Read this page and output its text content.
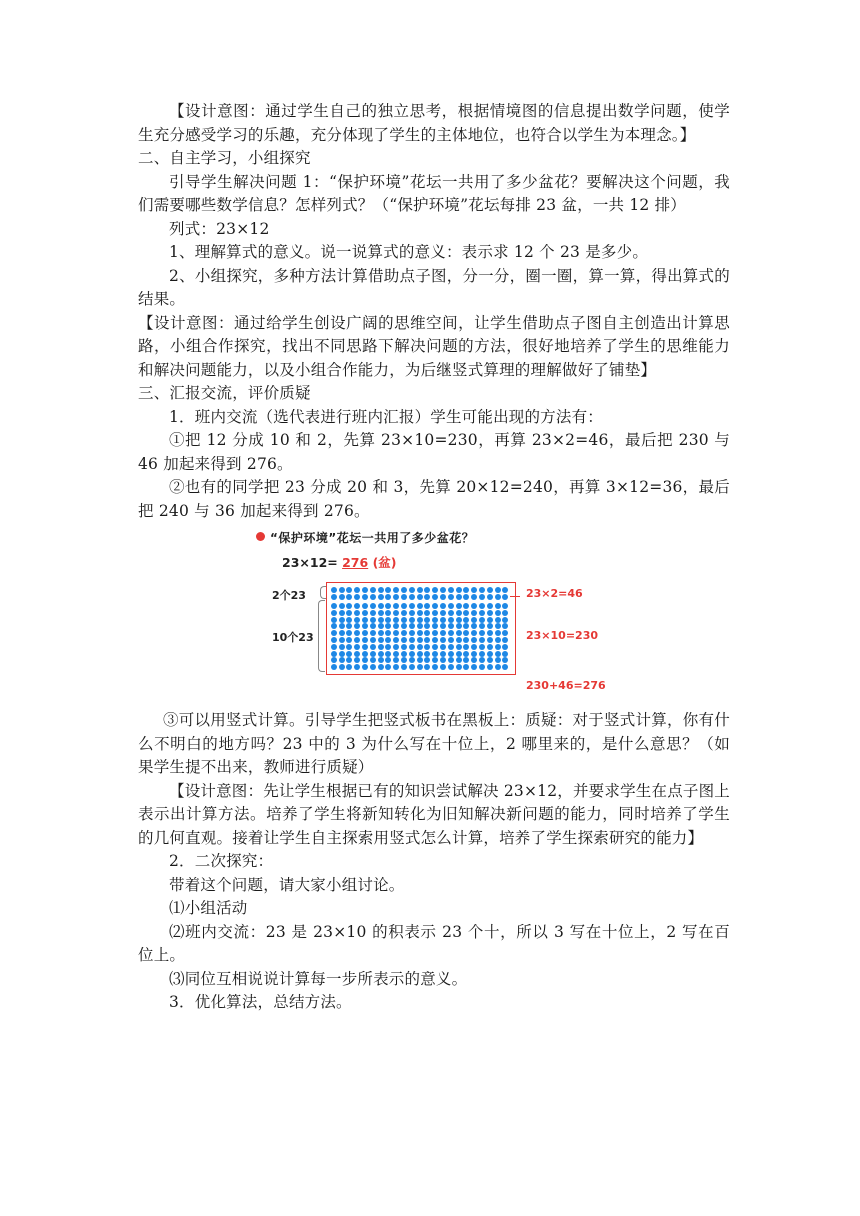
【设计意图：通过学生自己的独立思考，根据情境图的信息提出数学问题，使学生充分感受学习的乐趣，充分体现了学生的主体地位，也符合以学生为本理念。】

二、自主学习，小组探究

引导学生解决问题 1：“保护环境”花坛一共用了多少盆花？要解决这个问题，我们需要哪些数学信息？怎样列式？（“保护环境”花坛每排 23 盆，一共 12 排）

列式：23×12

1、理解算式的意义。说一说算式的意义：表示求 12 个 23 是多少。

2、小组探究，多种方法计算借助点子图，分一分，圈一圈，算一算，得出算式的结果。

【设计意图：通过给学生创设广阔的思维空间，让学生借助点子图自主创造出计算思路，小组合作探究，找出不同思路下解决问题的方法，很好地培养了学生的思维能力和解决问题能力，以及小组合作能力，为后继竖式算理的理解做好了铺垫】

三、汇报交流，评价质疑

1．班内交流（选代表进行班内汇报）学生可能出现的方法有：

①把 12 分成 10 和 2，先算 23×10=230，再算 23×2=46，最后把 230 与 46 加起来得到 276。

②也有的同学把 23 分成 20 和 3，先算 20×12=240，再算 3×12=36，最后把 240 与 36 加起来得到 276。

“保护环境”花坛一共用了多少盆花？
23×12= 276 (盆)
2个23
10个23
23×2=46
23×10=230
230+46=276

③可以用竖式计算。引导学生把竖式板书在黑板上：质疑：对于竖式计算，你有什么不明白的地方吗？23 中的 3 为什么写在十位上，2 哪里来的，是什么意思？（如果学生提不出来，教师进行质疑）

【设计意图：先让学生根据已有的知识尝试解决 23×12，并要求学生在点子图上表示出计算方法。培养了学生将新知转化为旧知解决新问题的能力，同时培养了学生的几何直观。接着让学生自主探索用竖式怎么计算，培养了学生探索研究的能力】

2．二次探究：

带着这个问题，请大家小组讨论。

⑴小组活动

⑵班内交流：23 是 23×10 的积表示 23 个十，所以 3 写在十位上，2 写在百位上。

⑶同位互相说说计算每一步所表示的意义。

3．优化算法，总结方法。
